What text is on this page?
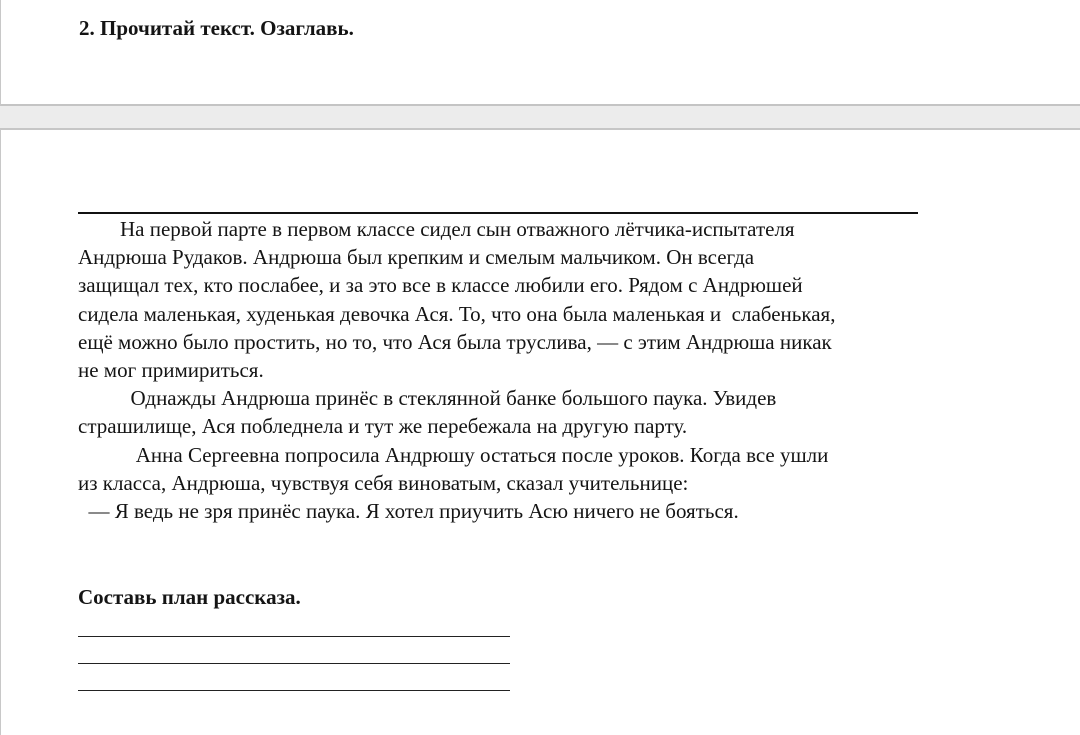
2. Прочитай текст. Озаглавь.
На первой парте в первом классе сидел сын отважного лётчика-испытателя
Андрюша Рудаков. Андрюша был крепким и смелым мальчиком. Он всегда
защищал тех, кто послабее, и за это все в классе любили его. Рядом с Андрюшей
сидела маленькая, худенькая девочка Ася. То, что она была маленькая и  слабенькая,
ещё можно было простить, но то, что Ася была труслива, — с этим Андрюша никак
не мог примириться.
Однажды Андрюша принёс в стеклянной банке большого паука. Увидев
страшилище, Ася побледнела и тут же перебежала на другую парту.
Анна Сергеевна попросила Андрюшу остаться после уроков. Когда все ушли
из класса, Андрюша, чувствуя себя виноватым, сказал учительнице:
— Я ведь не зря принёс паука. Я хотел приучить Асю ничего не бояться.
Составь план рассказа.
